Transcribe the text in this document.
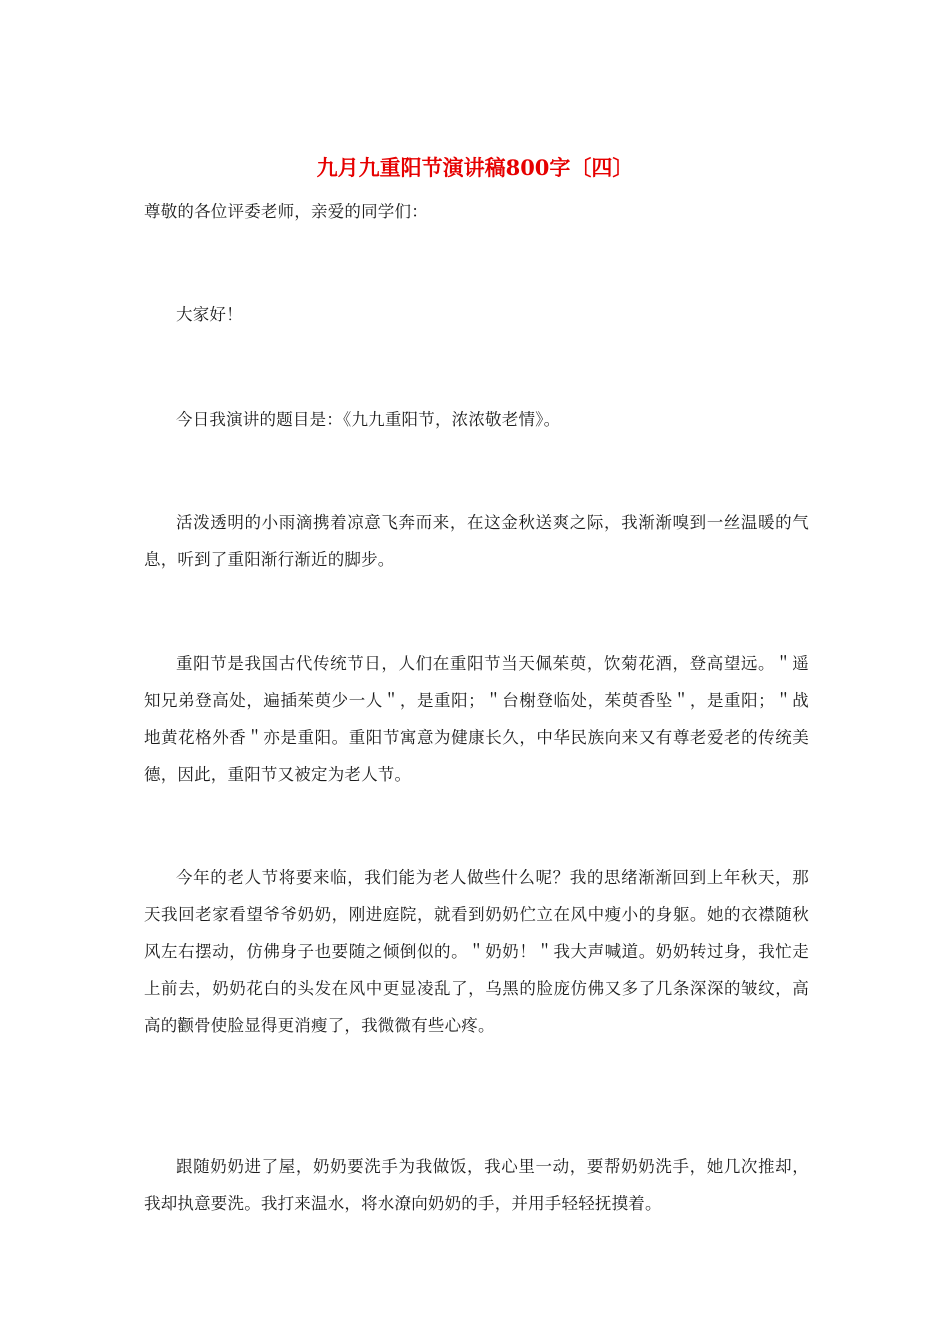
九月九重阳节演讲稿800字〔四〕

尊敬的各位评委老师，亲爱的同学们：

大家好！

今日我演讲的题目是：《九九重阳节，浓浓敬老情》。

活泼透明的小雨滴携着凉意飞奔而来，在这金秋送爽之际，我渐渐嗅到一丝温暖的气息，听到了重阳渐行渐近的脚步。

重阳节是我国古代传统节日，人们在重阳节当天佩茱萸，饮菊花酒，登高望远。＂遥知兄弟登高处，遍插茱萸少一人＂，是重阳；＂台榭登临处，茱萸香坠＂，是重阳；＂战地黄花格外香＂亦是重阳。重阳节寓意为健康长久，中华民族向来又有尊老爱老的传统美德，因此，重阳节又被定为老人节。

今年的老人节将要来临，我们能为老人做些什么呢？我的思绪渐渐回到上年秋天，那天我回老家看望爷爷奶奶，刚进庭院，就看到奶奶伫立在风中瘦小的身躯。她的衣襟随秋风左右摆动，仿佛身子也要随之倾倒似的。＂奶奶！＂我大声喊道。奶奶转过身，我忙走上前去，奶奶花白的头发在风中更显凌乱了，乌黑的脸庞仿佛又多了几条深深的皱纹，高高的颧骨使脸显得更消瘦了，我微微有些心疼。

跟随奶奶进了屋，奶奶要洗手为我做饭，我心里一动，要帮奶奶洗手，她几次推却，我却执意要洗。我打来温水，将水潦向奶奶的手，并用手轻轻抚摸着。
